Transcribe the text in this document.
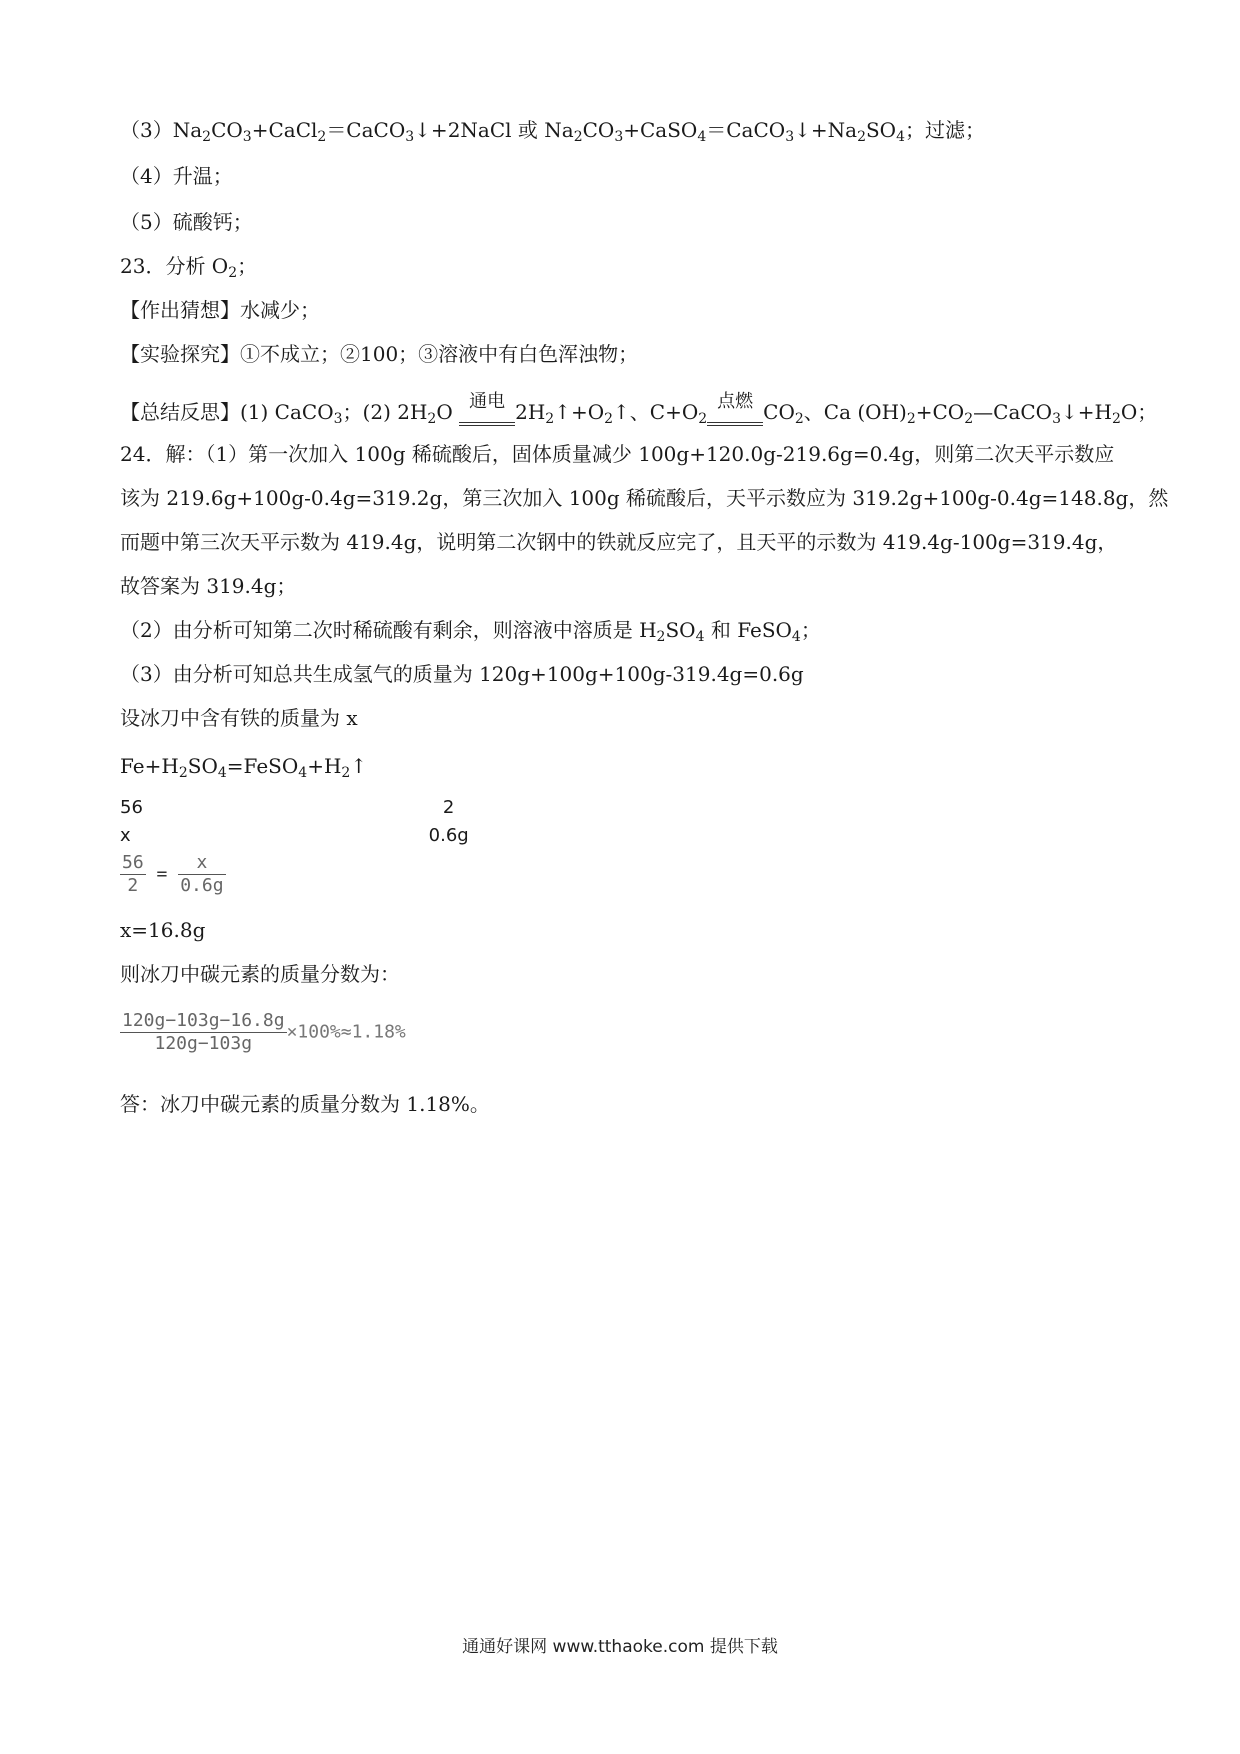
$(3)Na_2CO_3+CaCl_2=CaCO_3↓+2NaCl$ 或 $Na_2CO_3+CaSO_4=CaCO_3↓+Na_2SO_4$；过滤；
（4）升温；
（5）硫酸钙；
23．分析 $O_2$；
【作出猜想】水减少；
【实验探究】①不成立；②100；③溶液中有白色浑浊物；
【总结反思】(1) CaCO$_3$；(2) $2H_2O$ 通电 $2H_2↑+O_2↑$、$C+O_2$
点燃 $CO_2$、Ca $(OH)_2+CO_2—CaCO_3↓+H_2O$；
24．解：（1）第一次加入 100g 稀硫酸后，固体质量减少 100g+120.0g-219.6g=0.4g，则第二次天平示数应
该为 219.6g+100g-0.4g=319.2g，第三次加入 100g 稀硫酸后，天平示数应为 319.2g+100g-0.4g=148.8g，然
而题中第三次天平示数为 419.4g，说明第二次钢中的铁就反应完了，且天平的示数为 419.4g-100g=319.4g，
故答案为 319.4g；
（2）由分析可知第二次时稀硫酸有剩余，则溶液中溶质是 $H_2SO_4$ 和 FeSO$_4$；
（3）由分析可知总共生成氢气的质量为 120g+100g+100g-319.4g=0.6g
设冰刀中含有铁的质量为 x
$Fe+H_2SO_4=FeSO_4+H_2↑$
56	2
x	0.6g
$\frac{56}{2} = \frac{x}{0.6g}$
x=16.8g
则冰刀中碳元素的质量分数为：
$\frac{120g-103g-16.8g}{120g-103g} \times 100\%\approx 1.18\%$
答：冰刀中碳元素的质量分数为 1.18%。
通通好课网 www.tthaoke.com 提供下载
